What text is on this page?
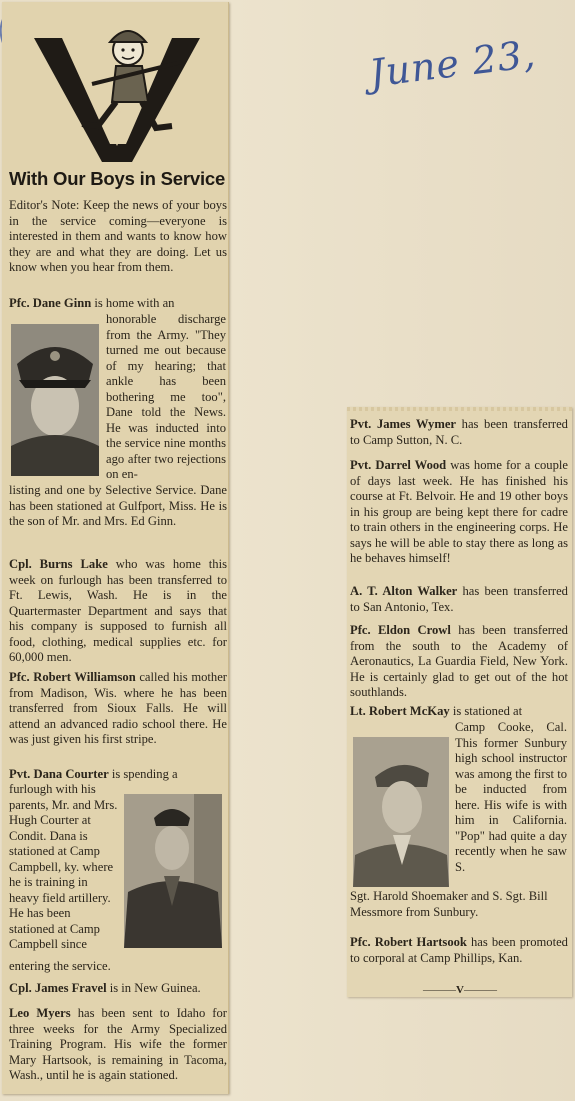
June 23,
With Our Boys in Service
Editor's Note: Keep the news of your boys in the service coming—everyone is interested in them and wants to know how they are and what they are doing. Let us know when you hear from them.
Pfc. Dane Ginn is home with an
honorable discharge from the Army. "They turned me out because of my hearing; that ankle has been bothering me too", Dane told the News. He was inducted into the service nine months ago after two rejections on en-
listing and one by Selective Service. Dane has been stationed at Gulfport, Miss. He is the son of Mr. and Mrs. Ed Ginn.
Cpl. Burns Lake who was home this week on furlough has been transferred to Ft. Lewis, Wash. He is in the Quartermaster Department and says that his company is supposed to furnish all food, clothing, medical supplies etc. for 60,000 men.
Pfc. Robert Williamson called his mother from Madison, Wis. where he has been transferred from Sioux Falls. He will attend an advanced radio school there. He was just given his first stripe.
Pvt. Dana Courter is spending a
furlough with his parents, Mr. and Mrs. Hugh Courter at Condit. Dana is stationed at Camp Campbell, ky. where he is training in heavy field artillery. He has been stationed at Camp Campbell since
entering the service.
Cpl. James Fravel is in New Guinea.
Leo Myers has been sent to Idaho for three weeks for the Army Specialized Training Program. His wife the former Mary Hartsook, is remaining in Tacoma, Wash., until he is again stationed.
Pvt. James Wymer has been transferred to Camp Sutton, N. C.
Pvt. Darrel Wood was home for a couple of days last week. He has finished his course at Ft. Belvoir. He and 19 other boys in his group are being kept there for cadre to train others in the engineering corps. He says he will be able to stay there as long as he behaves himself!
A. T. Alton Walker has been transferred to San Antonio, Tex.
Pfc. Eldon Crowl has been transferred from the south to the Academy of Aeronautics, La Guardia Field, New York. He is certainly glad to get out of the hot southlands.
Lt. Robert McKay is stationed at
Camp Cooke, Cal. This former Sunbury high school instructor was among the first to be inducted from here. His wife is with him in California. "Pop" had quite a day recently when he saw S.
Sgt. Harold Shoemaker and S. Sgt. Bill Messmore from Sunbury.
Pfc. Robert Hartsook has been promoted to corporal at Camp Phillips, Kan.
———V———
